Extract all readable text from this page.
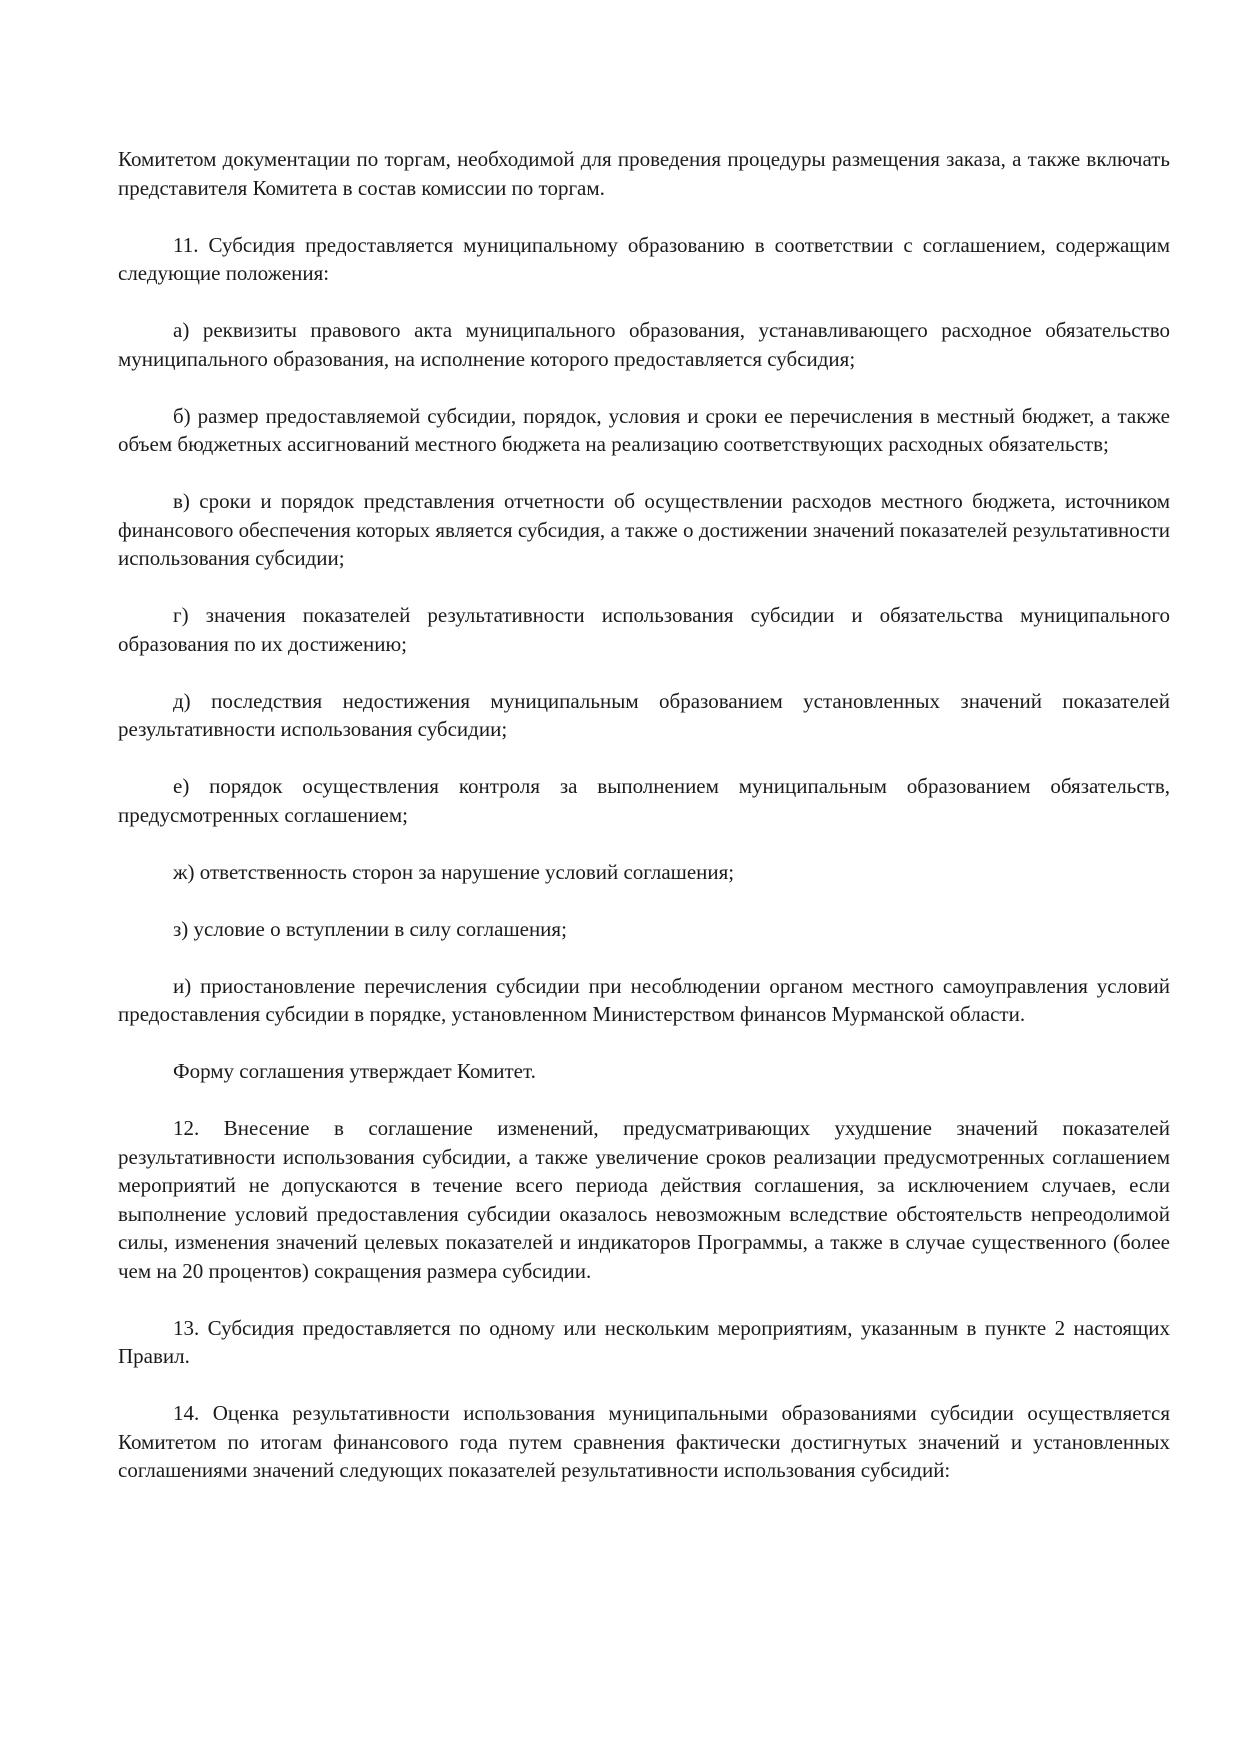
Комитетом документации по торгам, необходимой для проведения процедуры размещения заказа, а также включать представителя Комитета в состав комиссии по торгам.

11. Субсидия предоставляется муниципальному образованию в соответствии с соглашением, содержащим следующие положения:

а) реквизиты правового акта муниципального образования, устанавливающего расходное обязательство муниципального образования, на исполнение которого предоставляется субсидия;

б) размер предоставляемой субсидии, порядок, условия и сроки ее перечисления в местный бюджет, а также объем бюджетных ассигнований местного бюджета на реализацию соответствующих расходных обязательств;

в) сроки и порядок представления отчетности об осуществлении расходов местного бюджета, источником финансового обеспечения которых является субсидия, а также о достижении значений показателей результативности использования субсидии;

г) значения показателей результативности использования субсидии и обязательства муниципального образования по их достижению;

д) последствия недостижения муниципальным образованием установленных значений показателей результативности использования субсидии;

е) порядок осуществления контроля за выполнением муниципальным образованием обязательств, предусмотренных соглашением;

ж) ответственность сторон за нарушение условий соглашения;

з) условие о вступлении в силу соглашения;

и) приостановление перечисления субсидии при несоблюдении органом местного самоуправления условий предоставления субсидии в порядке, установленном Министерством финансов Мурманской области.

Форму соглашения утверждает Комитет.

12. Внесение в соглашение изменений, предусматривающих ухудшение значений показателей результативности использования субсидии, а также увеличение сроков реализации предусмотренных соглашением мероприятий не допускаются в течение всего периода действия соглашения, за исключением случаев, если выполнение условий предоставления субсидии оказалось невозможным вследствие обстоятельств непреодолимой силы, изменения значений целевых показателей и индикаторов Программы, а также в случае существенного (более чем на 20 процентов) сокращения размера субсидии.

13. Субсидия предоставляется по одному или нескольким мероприятиям, указанным в пункте 2 настоящих Правил.

14. Оценка результативности использования муниципальными образованиями субсидии осуществляется Комитетом по итогам финансового года путем сравнения фактически достигнутых значений и установленных соглашениями значений следующих показателей результативности использования субсидий:
